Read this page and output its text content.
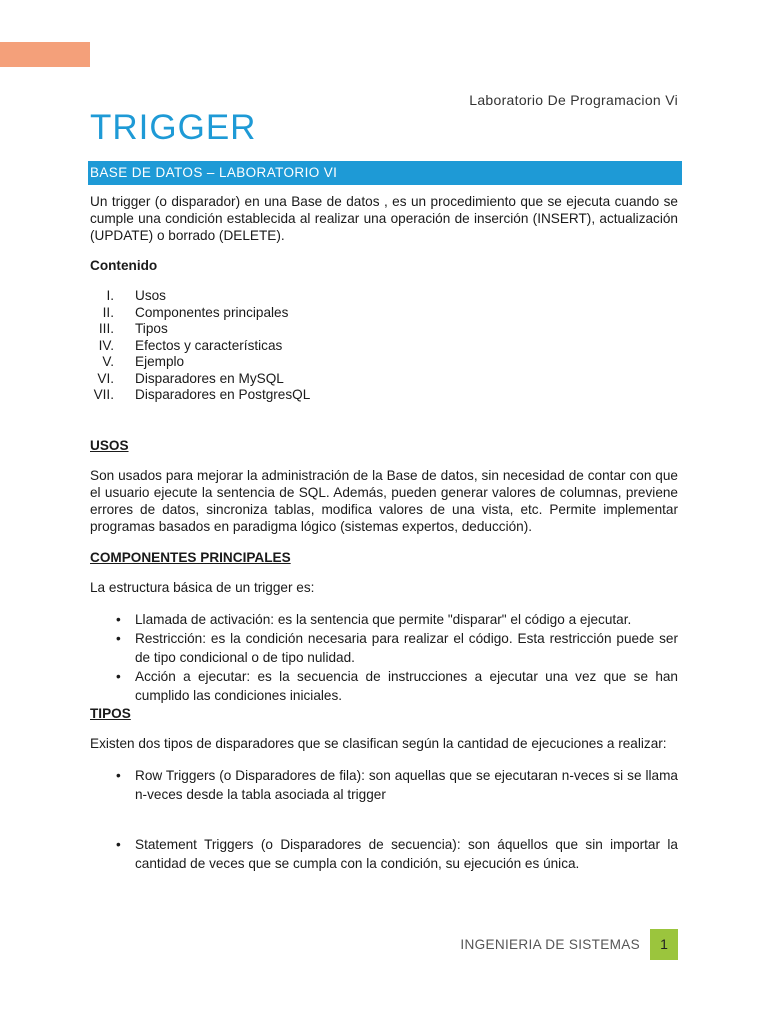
Laboratorio De Programacion Vi
TRIGGER
BASE DE DATOS – LABORATORIO VI

Un trigger (o disparador) en una Base de datos , es un procedimiento que se ejecuta cuando se cumple una condición establecida al realizar una operación de inserción (INSERT), actualización (UPDATE) o borrado (DELETE).

Contenido

I. Usos
II. Componentes principales
III. Tipos
IV. Efectos y características
V. Ejemplo
VI. Disparadores en MySQL
VII. Disparadores en PostgresQL

USOS

Son usados para mejorar la administración de la Base de datos, sin necesidad de contar con que el usuario ejecute la sentencia de SQL. Además, pueden generar valores de columnas, previene errores de datos, sincroniza tablas, modifica valores de una vista, etc. Permite implementar programas basados en paradigma lógico (sistemas expertos, deducción).

COMPONENTES PRINCIPALES

La estructura básica de un trigger es:

• Llamada de activación: es la sentencia que permite "disparar" el código a ejecutar.
• Restricción: es la condición necesaria para realizar el código. Esta restricción puede ser de tipo condicional o de tipo nulidad.
• Acción a ejecutar: es la secuencia de instrucciones a ejecutar una vez que se han cumplido las condiciones iniciales.

TIPOS

Existen dos tipos de disparadores que se clasifican según la cantidad de ejecuciones a realizar:

• Row Triggers (o Disparadores de fila): son aquellas que se ejecutaran n-veces si se llama n-veces desde la tabla asociada al trigger
• Statement Triggers (o Disparadores de secuencia): son áquellos que sin importar la cantidad de veces que se cumpla con la condición, su ejecución es única.
INGENIERIA DE SISTEMAS	1
